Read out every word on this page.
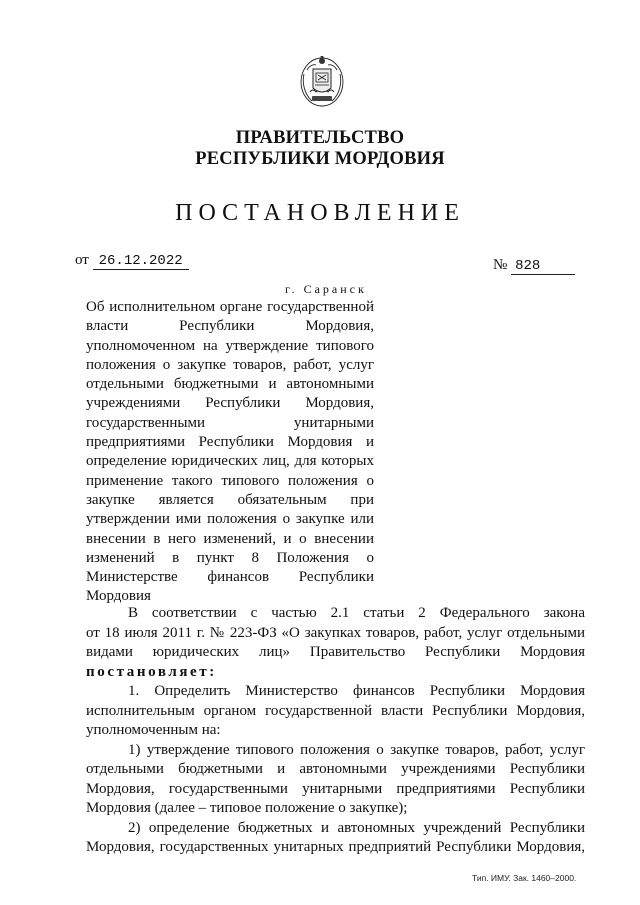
ПРАВИТЕЛЬСТВО
РЕСПУБЛИКИ МОРДОВИЯ
ПОСТАНОВЛЕНИЕ
от 26.12.2022	№ 828
г. Саранск
Об исполнительном органе государственной
власти Республики Мордовия,
уполномоченном на утверждение типового
положения о закупке товаров, работ, услуг
отдельными бюджетными и автономными
учреждениями Республики Мордовия,
государственными унитарными
предприятиями Республики Мордовия и
определение юридических лиц, для которых
применение такого типового положения о
закупке является обязательным при
утверждении ими положения о закупке или
внесении в него изменений, и о внесении
изменений в пункт 8 Положения о
Министерстве финансов Республики
Мордовия
В соответствии с частью 2.1 статьи 2 Федерального закона
от 18 июля 2011 г. № 223-ФЗ «О закупках товаров, работ, услуг отдельными
видами юридических лиц» Правительство Республики Мордовия
постановляет:
1. Определить Министерство финансов Республики Мордовия
исполнительным органом государственной власти Республики Мордовия,
уполномоченным на:
1) утверждение типового положения о закупке товаров, работ, услуг
отдельными бюджетными и автономными учреждениями Республики
Мордовия, государственными унитарными предприятиями Республики
Мордовия (далее – типовое положение о закупке);
2) определение бюджетных и автономных учреждений Республики
Мордовия, государственных унитарных предприятий Республики Мордовия,
Тип. ИМУ. Зак. 1460–2000.
